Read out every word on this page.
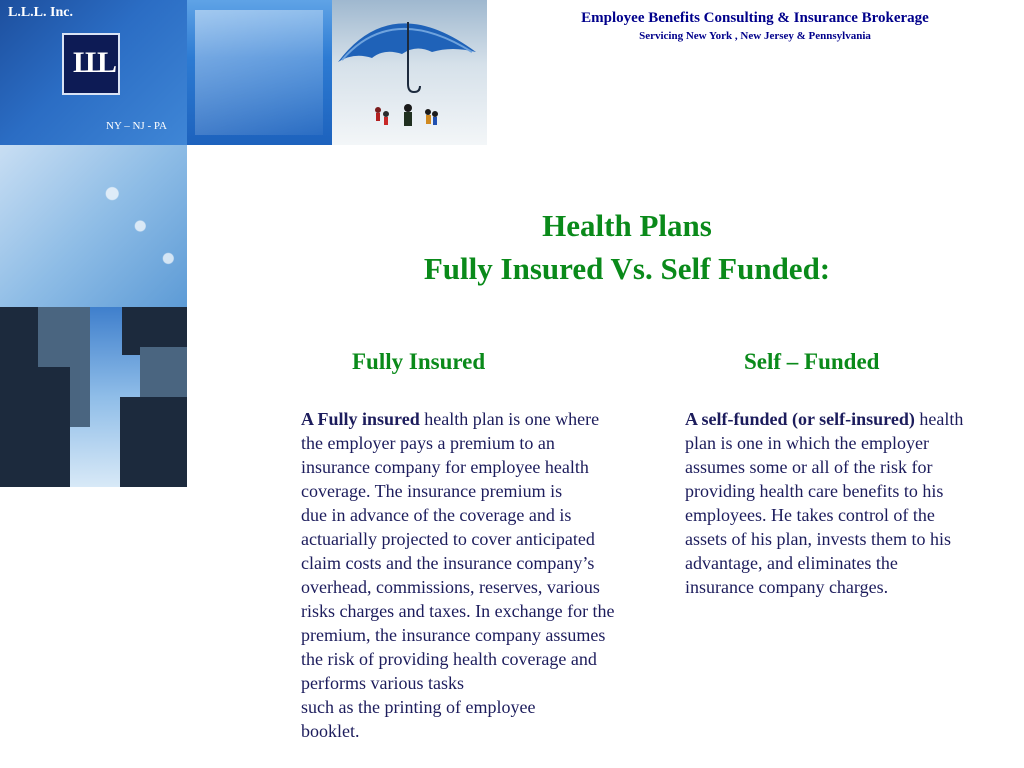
L.L.L. Inc.
LLL
NY – NJ - PA
Employee Benefits Consulting & Insurance Brokerage
Servicing New York , New Jersey & Pennsylvania
Health Plans
Fully Insured Vs. Self Funded:
Fully Insured	Self – Funded
A Fully insured health plan is one where
the employer pays a premium to an
insurance company for employee health
coverage. The insurance premium is
due in advance of the coverage and is
actuarially projected to cover anticipated
claim costs and the insurance company’s
overhead, commissions, reserves, various
risks charges and taxes. In exchange for the
premium, the insurance company assumes
the risk of providing health coverage and
performs various tasks
such as the printing of employee
booklet.
A self-funded (or self-insured) health
plan is one in which the employer
assumes some or all of the risk for
providing health care benefits to his
employees. He takes control of the
assets of his plan, invests them to his
advantage, and eliminates the
insurance company charges.
